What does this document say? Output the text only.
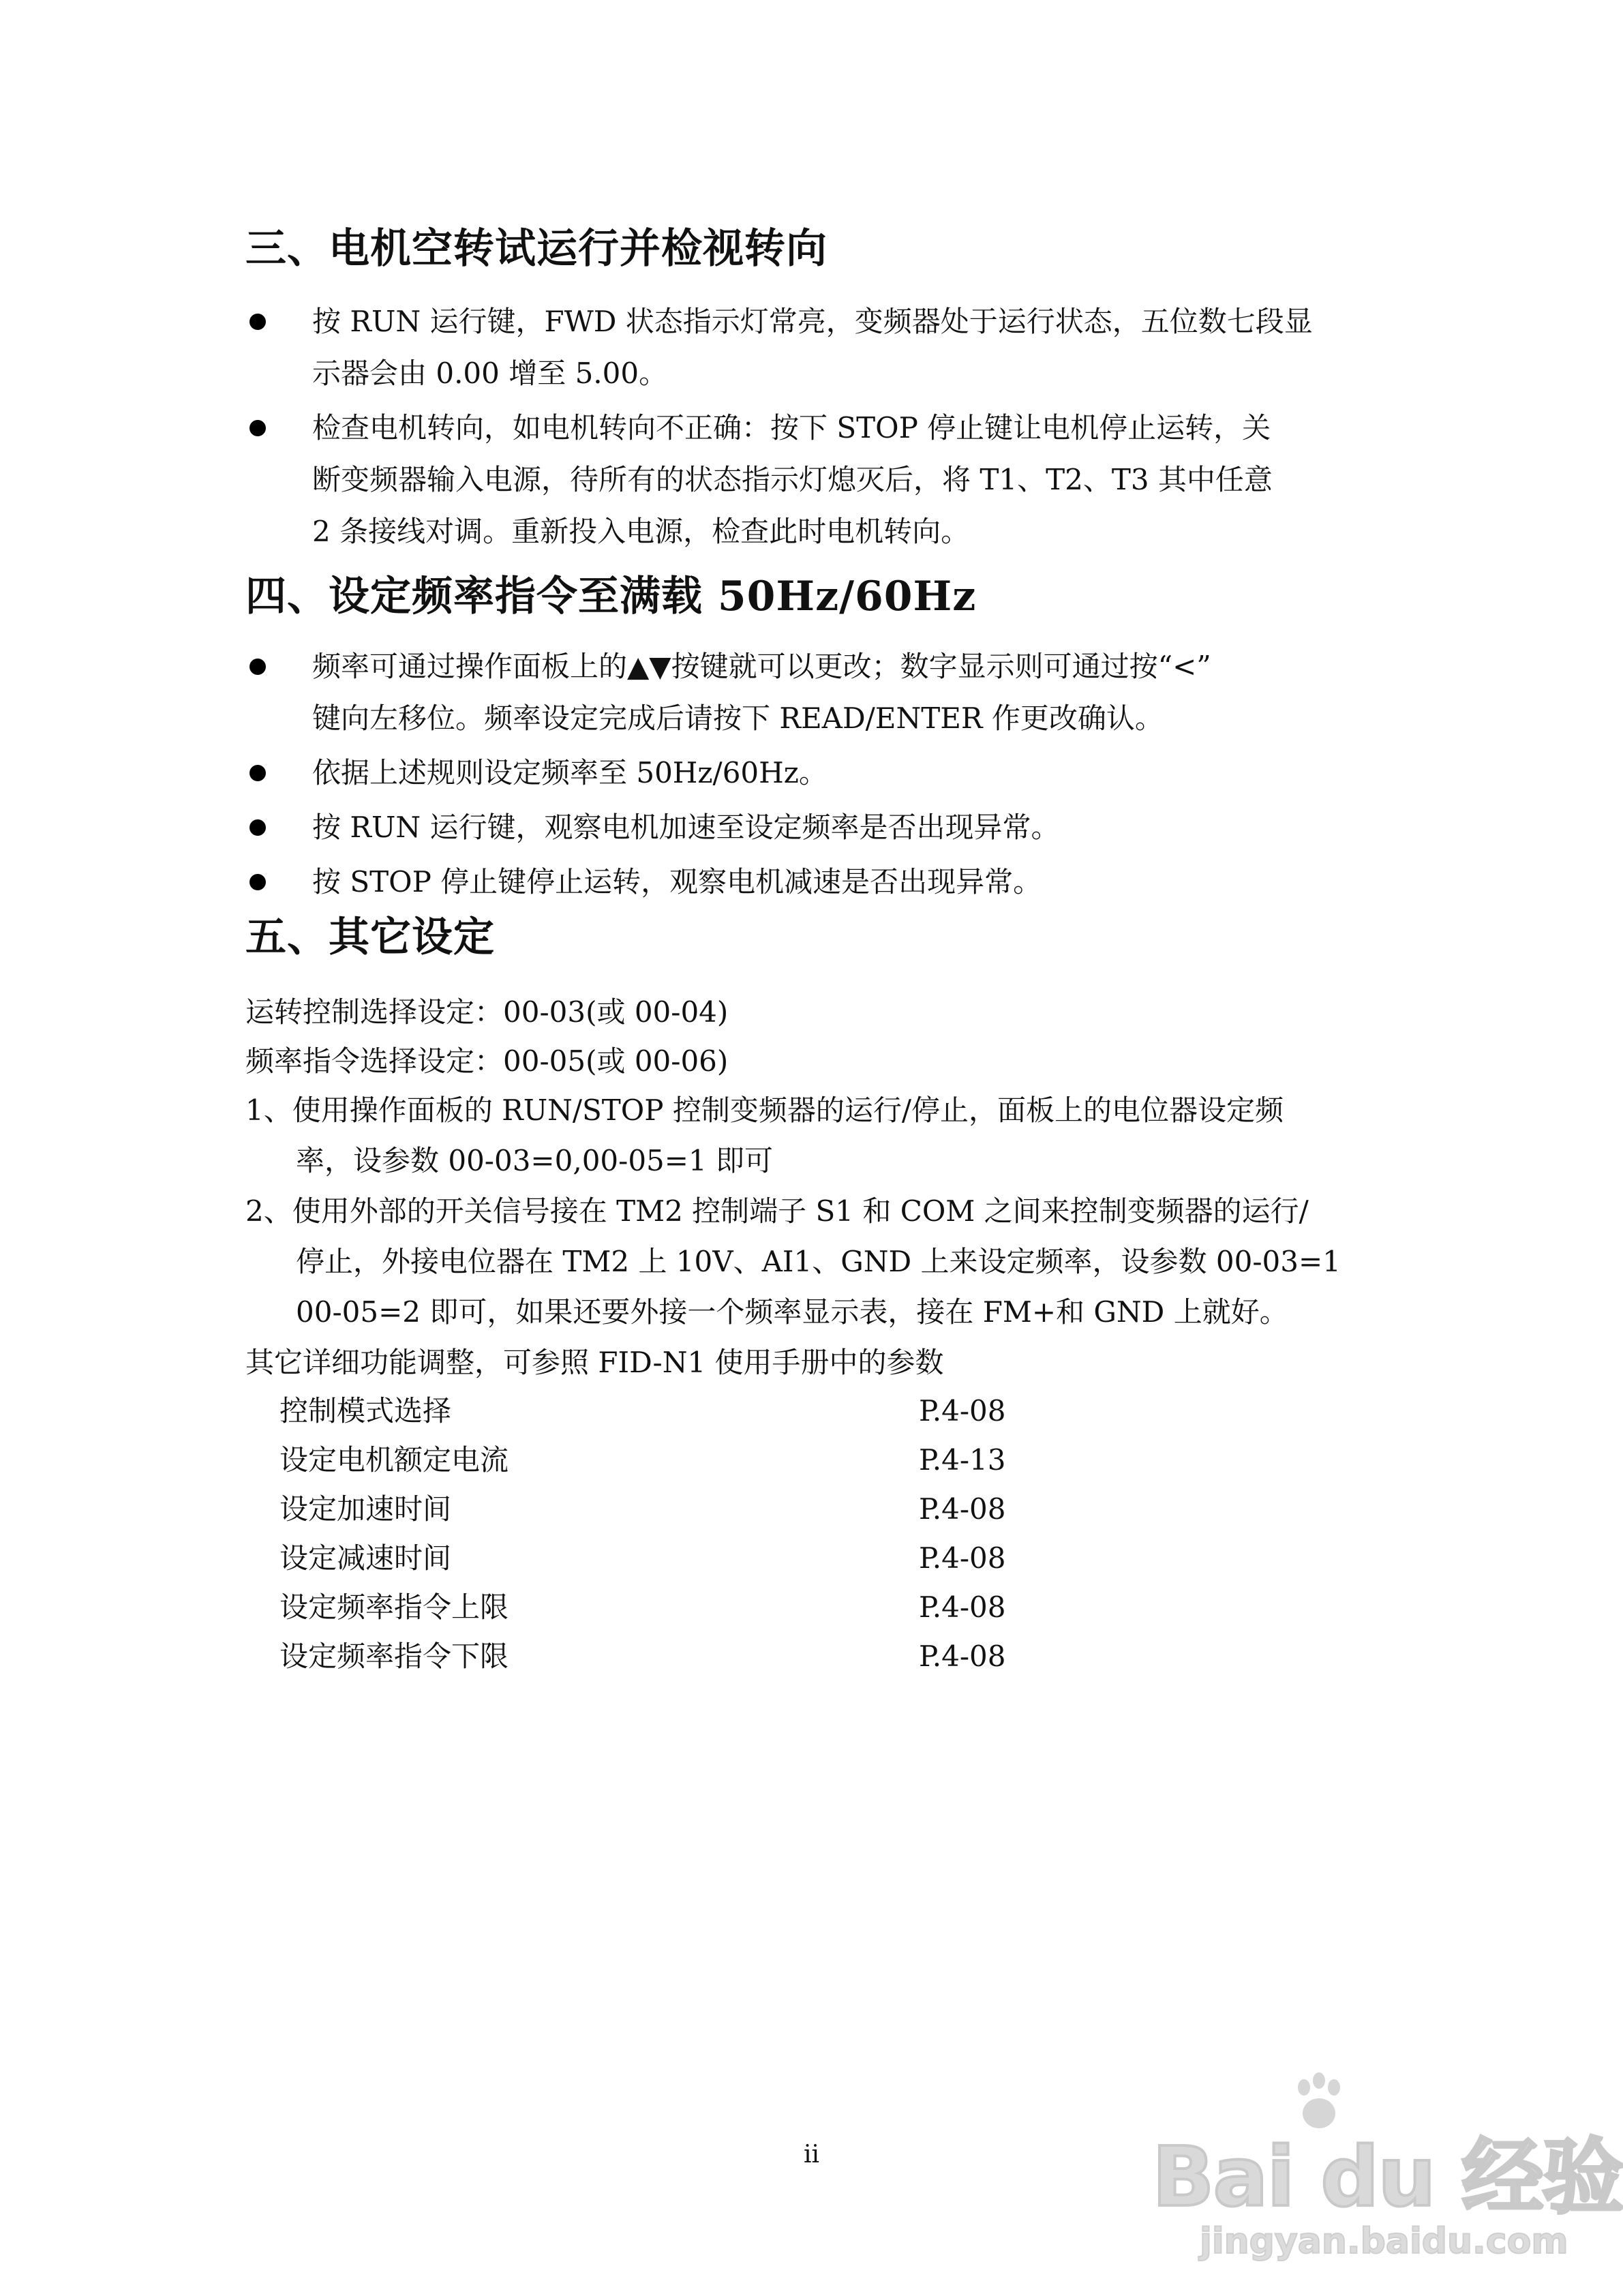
三、电机空转试运行并检视转向
按 RUN 运行键，FWD 状态指示灯常亮，变频器处于运行状态，五位数七段显
示器会由 0.00 增至 5.00。
检查电机转向，如电机转向不正确：按下 STOP 停止键让电机停止运转，关
断变频器输入电源，待所有的状态指示灯熄灭后，将 T1、T2、T3 其中任意
2 条接线对调。重新投入电源，检查此时电机转向。
四、设定频率指令至满载 50Hz/60Hz
频率可通过操作面板上的▲▼按键就可以更改；数字显示则可通过按“<”
键向左移位。频率设定完成后请按下 READ/ENTER 作更改确认。
依据上述规则设定频率至 50Hz/60Hz。
按 RUN 运行键，观察电机加速至设定频率是否出现异常。
按 STOP 停止键停止运转，观察电机减速是否出现异常。
五、其它设定
运转控制选择设定：00-03(或 00-04)
频率指令选择设定：00-05(或 00-06)
1、使用操作面板的 RUN/STOP 控制变频器的运行/停止，面板上的电位器设定频
率，设参数 00-03=0,00-05=1 即可
2、使用外部的开关信号接在 TM2 控制端子 S1 和 COM 之间来控制变频器的运行/
停止，外接电位器在 TM2 上 10V、AI1、GND 上来设定频率，设参数 00-03=1
00-05=2 即可，如果还要外接一个频率显示表，接在 FM+和 GND 上就好。
其它详细功能调整，可参照 FID-N1 使用手册中的参数
控制模式选择	P.4-08
设定电机额定电流	P.4-13
设定加速时间	P.4-08
设定减速时间	P.4-08
设定频率指令上限	P.4-08
设定频率指令下限	P.4-08
ii	Bai du 经验
jingyan.baidu.com
